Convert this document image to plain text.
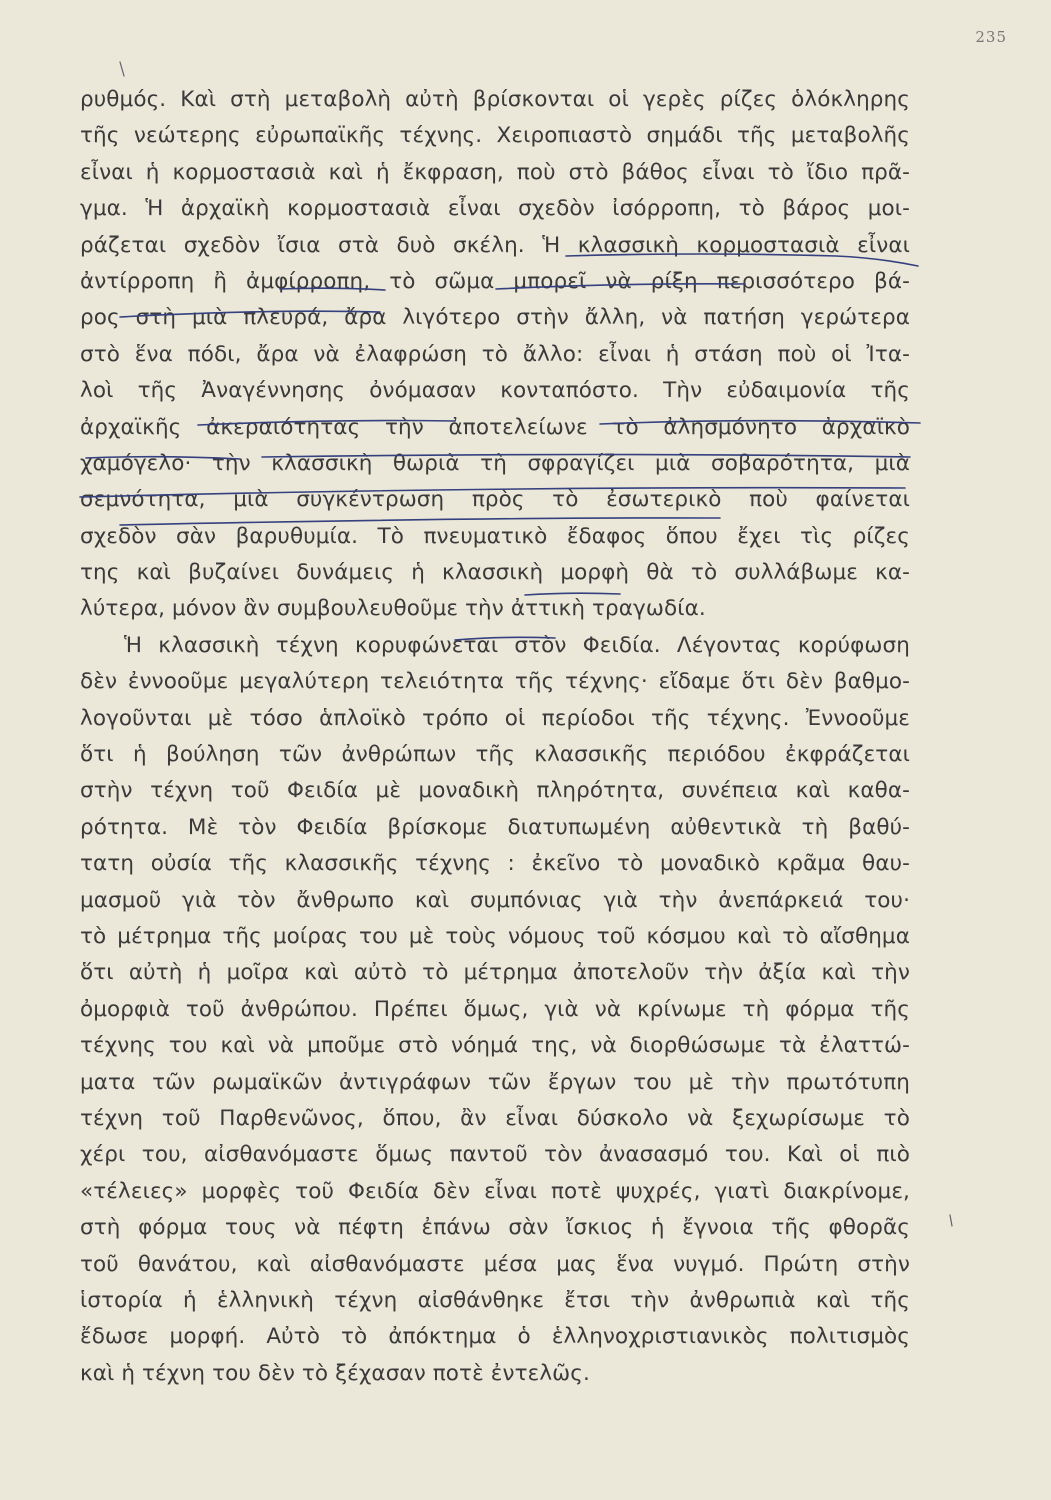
235
ρυθμός. Καὶ στὴ μεταβολὴ αὐτὴ βρίσκονται οἱ γερὲς ρίζες ὁλόκληρης
τῆς νεώτερης εὐρωπαϊκῆς τέχνης. Χειροπιαστὸ σημάδι τῆς μεταβολῆς
εἶναι ἡ κορμοστασιὰ καὶ ἡ ἔκφραση, ποὺ στὸ βάθος εἶναι τὸ ἴδιο πρᾶ-
γμα. Ἡ ἀρχαϊκὴ κορμοστασιὰ εἶναι σχεδὸν ἰσόρροπη, τὸ βάρος μοι-
ράζεται σχεδὸν ἴσια στὰ δυὸ σκέλη. Ἡ κλασσικὴ κορμοστασιὰ εἶναι
ἀντίρροπη ἢ ἀμφίρροπη, τὸ σῶμα μπορεῖ νὰ ρίξη περισσότερο βά-
ρος στὴ μιὰ πλευρά, ἄρα λιγότερο στὴν ἄλλη, νὰ πατήση γερώτερα
στὸ ἕνα πόδι, ἄρα νὰ ἐλαφρώση τὸ ἄλλο: εἶναι ἡ στάση ποὺ οἱ Ἰτα-
λοὶ τῆς Ἀναγέννησης ὀνόμασαν κονταπόστο. Τὴν εὐδαιμονία τῆς
ἀρχαϊκῆς ἀκεραιότητας τὴν ἀποτελείωνε τὸ ἀλησμόνητο ἀρχαϊκὸ
χαμόγελο· τὴν κλασσικὴ θωριὰ τὴ σφραγίζει μιὰ σοβαρότητα, μιὰ
σεμνότητα, μιὰ συγκέντρωση πρὸς τὸ ἐσωτερικὸ ποὺ φαίνεται
σχεδὸν σὰν βαρυθυμία. Τὸ πνευματικὸ ἔδαφος ὅπου ἔχει τὶς ρίζες
της καὶ βυζαίνει δυνάμεις ἡ κλασσικὴ μορφὴ θὰ τὸ συλλάβωμε κα-
λύτερα, μόνον ἂν συμβουλευθοῦμε τὴν ἀττικὴ τραγωδία.
Ἡ κλασσικὴ τέχνη κορυφώνεται στὸν Φειδία. Λέγοντας κορύφωση
δὲν ἐννοοῦμε μεγαλύτερη τελειότητα τῆς τέχνης· εἴδαμε ὅτι δὲν βαθμο-
λογοῦνται μὲ τόσο ἁπλοϊκὸ τρόπο οἱ περίοδοι τῆς τέχνης. Ἐννοοῦμε
ὅτι ἡ βούληση τῶν ἀνθρώπων τῆς κλασσικῆς περιόδου ἐκφράζεται
στὴν τέχνη τοῦ Φειδία μὲ μοναδικὴ πληρότητα, συνέπεια καὶ καθα-
ρότητα. Μὲ τὸν Φειδία βρίσκομε διατυπωμένη αὐθεντικὰ τὴ βαθύ-
τατη οὐσία τῆς κλασσικῆς τέχνης : ἐκεῖνο τὸ μοναδικὸ κρᾶμα θαυ-
μασμοῦ γιὰ τὸν ἄνθρωπο καὶ συμπόνιας γιὰ τὴν ἀνεπάρκειά του·
τὸ μέτρημα τῆς μοίρας του μὲ τοὺς νόμους τοῦ κόσμου καὶ τὸ αἴσθημα
ὅτι αὐτὴ ἡ μοῖρα καὶ αὐτὸ τὸ μέτρημα ἀποτελοῦν τὴν ἀξία καὶ τὴν
ὀμορφιὰ τοῦ ἀνθρώπου. Πρέπει ὅμως, γιὰ νὰ κρίνωμε τὴ φόρμα τῆς
τέχνης του καὶ νὰ μποῦμε στὸ νόημά της, νὰ διορθώσωμε τὰ ἐλαττώ-
ματα τῶν ρωμαϊκῶν ἀντιγράφων τῶν ἔργων του μὲ τὴν πρωτότυπη
τέχνη τοῦ Παρθενῶνος, ὅπου, ἂν εἶναι δύσκολο νὰ ξεχωρίσωμε τὸ
χέρι του, αἰσθανόμαστε ὅμως παντοῦ τὸν ἀνασασμό του. Καὶ οἱ πιὸ
«τέλειες» μορφὲς τοῦ Φειδία δὲν εἶναι ποτὲ ψυχρές, γιατὶ διακρίνομε,
στὴ φόρμα τους νὰ πέφτη ἐπάνω σὰν ἴσκιος ἡ ἔγνοια τῆς φθορᾶς
τοῦ θανάτου, καὶ αἰσθανόμαστε μέσα μας ἕνα νυγμό. Πρώτη στὴν
ἱστορία ἡ ἑλληνικὴ τέχνη αἰσθάνθηκε ἔτσι τὴν ἀνθρωπιὰ καὶ τῆς
ἔδωσε μορφή. Αὐτὸ τὸ ἀπόκτημα ὁ ἑλληνοχριστιανικὸς πολιτισμὸς
καὶ ἡ τέχνη του δὲν τὸ ξέχασαν ποτὲ ἐντελῶς.
